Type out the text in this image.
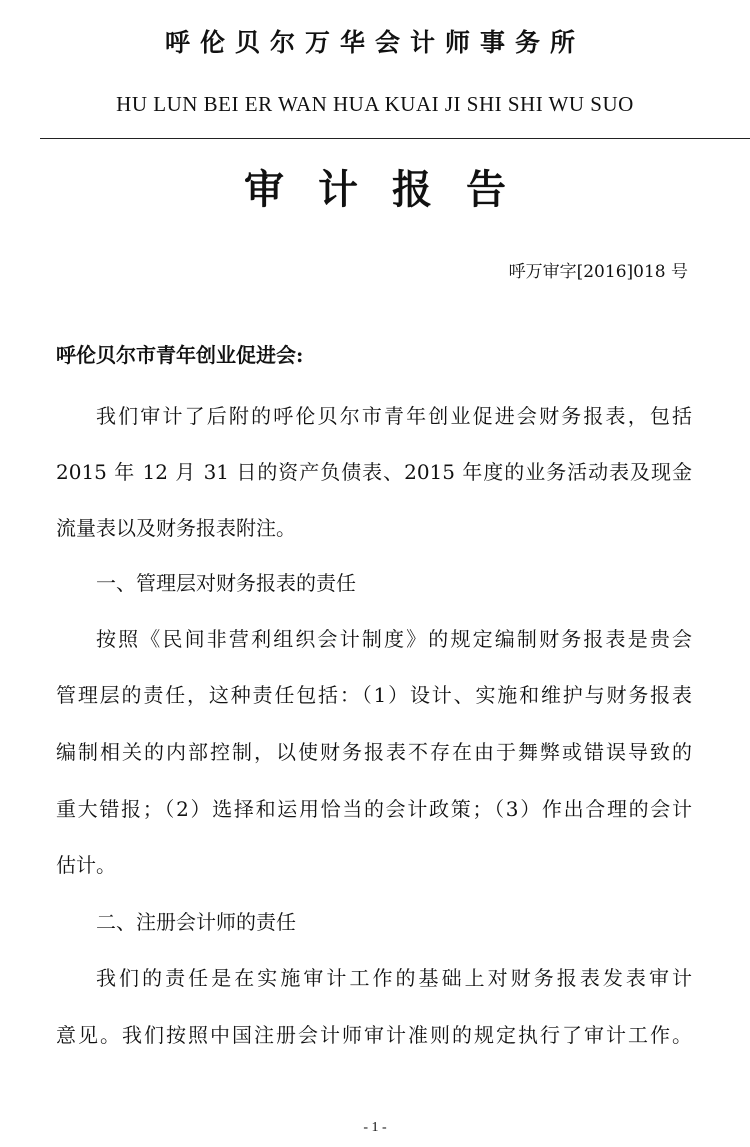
呼伦贝尔万华会计师事务所
HU LUN BEI ER WAN HUA KUAI JI SHI SHI WU SUO
审计报告
呼万审字[2016]018 号
呼伦贝尔市青年创业促进会:
我们审计了后附的呼伦贝尔市青年创业促进会财务报表，包括
2015 年 12 月 31 日的资产负债表、2015 年度的业务活动表及现金
流量表以及财务报表附注。
一、管理层对财务报表的责任
按照《民间非营利组织会计制度》的规定编制财务报表是贵会
管理层的责任，这种责任包括：（1）设计、实施和维护与财务报表
编制相关的内部控制，以使财务报表不存在由于舞弊或错误导致的
重大错报；（2）选择和运用恰当的会计政策；（3）作出合理的会计
估计。
二、注册会计师的责任
我们的责任是在实施审计工作的基础上对财务报表发表审计
意见。我们按照中国注册会计师审计准则的规定执行了审计工作。
- 1 -
